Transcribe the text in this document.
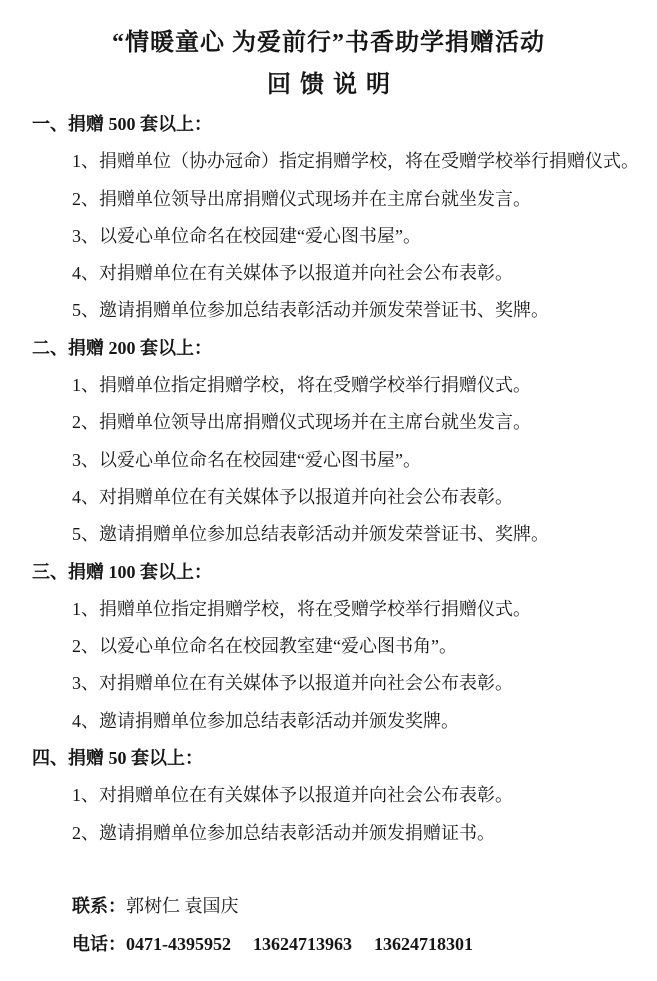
“情暖童心 为爱前行”书香助学捐赠活动
回馈说明

一、捐赠 500 套以上：

1、捐赠单位（协办冠命）指定捐赠学校，将在受赠学校举行捐赠仪式。

2、捐赠单位领导出席捐赠仪式现场并在主席台就坐发言。

3、以爱心单位命名在校园建“爱心图书屋”。

4、对捐赠单位在有关媒体予以报道并向社会公布表彰。

5、邀请捐赠单位参加总结表彰活动并颁发荣誉证书、奖牌。

二、捐赠 200 套以上：

1、捐赠单位指定捐赠学校，将在受赠学校举行捐赠仪式。

2、捐赠单位领导出席捐赠仪式现场并在主席台就坐发言。

3、以爱心单位命名在校园建“爱心图书屋”。

4、对捐赠单位在有关媒体予以报道并向社会公布表彰。

5、邀请捐赠单位参加总结表彰活动并颁发荣誉证书、奖牌。

三、捐赠 100 套以上：

1、捐赠单位指定捐赠学校，将在受赠学校举行捐赠仪式。

2、以爱心单位命名在校园教室建“爱心图书角”。

3、对捐赠单位在有关媒体予以报道并向社会公布表彰。

4、邀请捐赠单位参加总结表彰活动并颁发奖牌。

四、捐赠 50 套以上：

1、对捐赠单位在有关媒体予以报道并向社会公布表彰。

2、邀请捐赠单位参加总结表彰活动并颁发捐赠证书。

联系：郭树仁 袁国庆

电话：0471-4395952 13624713963 13624718301
